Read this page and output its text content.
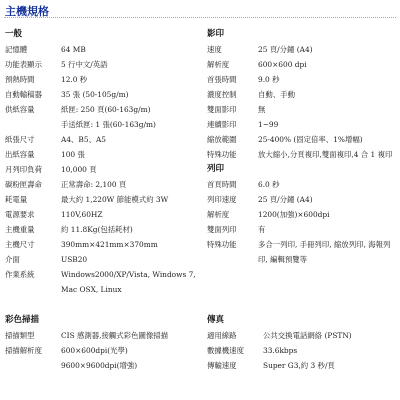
主機規格
一般
記憶體	64 MB
功能表顯示	5 行中文/英語
預熱時間	12.0 秒
自動輸稿器	35 張 (50-105g/m)
供紙容量	紙匣: 250 頁(60-163g/m)
手送紙匣: 1 張(60-163g/m)
紙張尺寸	A4、B5、A5
出紙容量	100 張
月列印負荷	10,000 頁
碳粉匣壽命	正常壽命: 2,100 頁
耗電量	最大約 1,220W 節能模式約 3W
電源要求	110V,60HZ
主機重量	約 11.8Kg(包括耗材)
主機尺寸	390mm×421mm×370mm
介面	USB20
作業系統	Windows2000/XP/Vista, Windows 7, Mac OSX, Linux
影印
速度	25 頁/分鐘 (A4)
解析度	600×600 dpi
首張時間	9.0 秒
濃度控制	自動、手動
雙面影印	無
連續影印	1~99
縮放範圍	25-400% (固定倍率、1%增幅)
特殊功能	放大縮小,分頁複印,雙面複印,4 合 1 複印
列印
首頁時間	6.0 秒
列印速度	25 頁/分鐘 (A4)
解析度	1200(加強)×600dpi
雙面列印	有
特殊功能	多合一列印, 手冊列印, 縮放列印, 海報列印, 編輯預覽等
彩色掃描
掃描類型	CIS 感測器,接觸式彩色圖像掃描
掃描解析度	600×600dpi(光學)
9600×9600dpi(增強)
傳真
適用線路	公共交換電話網絡 (PSTN)
數據機速度	33.6kbps
傳輸速度	Super G3,約 3 秒/頁
